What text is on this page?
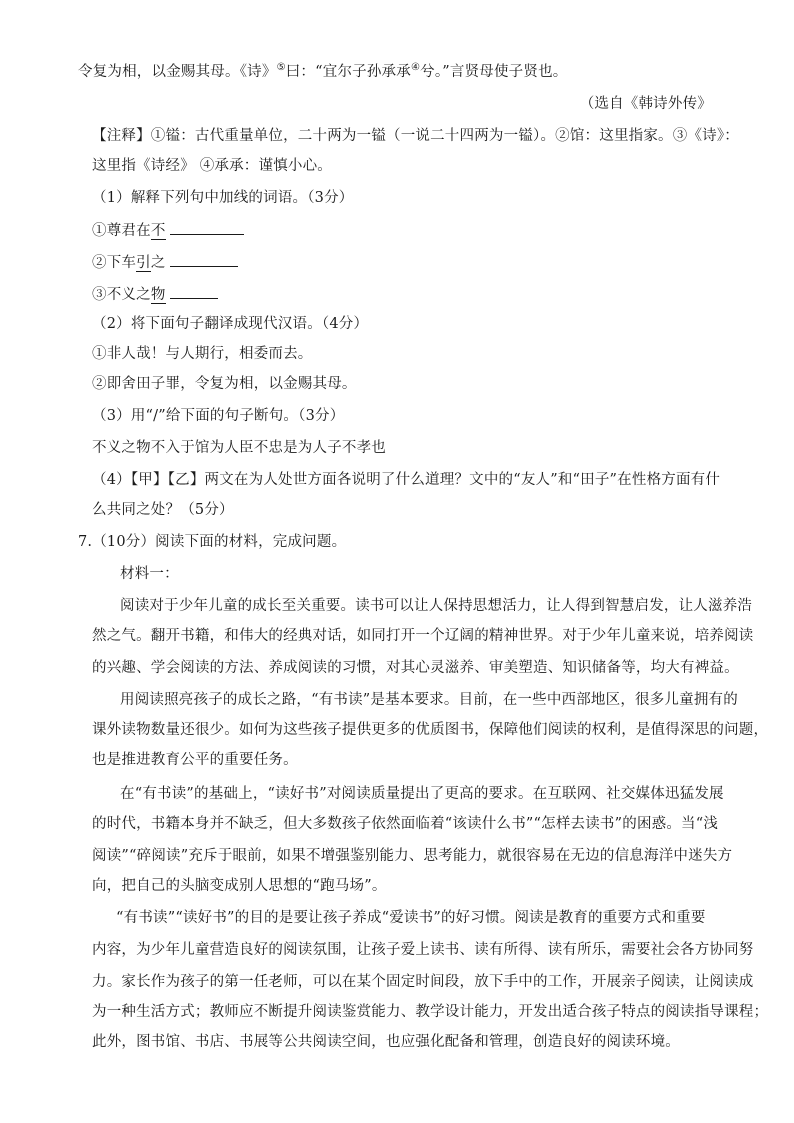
令复为相，以金赐其母。《诗》⑤曰：“宜尔子孙承承④兮。”言贤母使子贤也。
（选自《韩诗外传》
【注释】①镒：古代重量单位，二十两为一镒（一说二十四两为一镒）。②馆：这里指家。③《诗》：
这里指《诗经》 ④承承：谨慎小心。
（1）解释下列句中加线的词语。（3分）
①尊君在不
②下车引之
③不义之物
（2）将下面句子翻译成现代汉语。（4分）
①非人哉！与人期行，相委而去。
②即舍田子罪，令复为相，以金赐其母。
（3）用“/”给下面的句子断句。（3分）
不义之物不入于馆为人臣不忠是为人子不孝也
（4）【甲】【乙】两文在为人处世方面各说明了什么道理？文中的“友人”和“田子”在性格方面有什
么共同之处？（5分）
7.（10分）阅读下面的材料，完成问题。
材料一：
阅读对于少年儿童的成长至关重要。读书可以让人保持思想活力，让人得到智慧启发，让人滋养浩
然之气。翻开书籍，和伟大的经典对话，如同打开一个辽阔的精神世界。对于少年儿童来说，培养阅读
的兴趣、学会阅读的方法、养成阅读的习惯，对其心灵滋养、审美塑造、知识储备等，均大有裨益。
用阅读照亮孩子的成长之路，“有书读”是基本要求。目前，在一些中西部地区，很多儿童拥有的
课外读物数量还很少。如何为这些孩子提供更多的优质图书，保障他们阅读的权利，是值得深思的问题，
也是推进教育公平的重要任务。
在“有书读”的基础上，“读好书”对阅读质量提出了更高的要求。在互联网、社交媒体迅猛发展
的时代，书籍本身并不缺乏，但大多数孩子依然面临着“该读什么书”“怎样去读书”的困惑。当“浅
阅读”“碎阅读”充斥于眼前，如果不增强鉴别能力、思考能力，就很容易在无边的信息海洋中迷失方
向，把自己的头脑变成别人思想的“跑马场”。
“有书读”“读好书”的目的是要让孩子养成“爱读书”的好习惯。阅读是教育的重要方式和重要
内容，为少年儿童营造良好的阅读氛围，让孩子爱上读书、读有所得、读有所乐，需要社会各方协同努
力。家长作为孩子的第一任老师，可以在某个固定时间段，放下手中的工作，开展亲子阅读，让阅读成
为一种生活方式；教师应不断提升阅读鉴赏能力、教学设计能力，开发出适合孩子特点的阅读指导课程；
此外，图书馆、书店、书展等公共阅读空间，也应强化配备和管理，创造良好的阅读环境。
